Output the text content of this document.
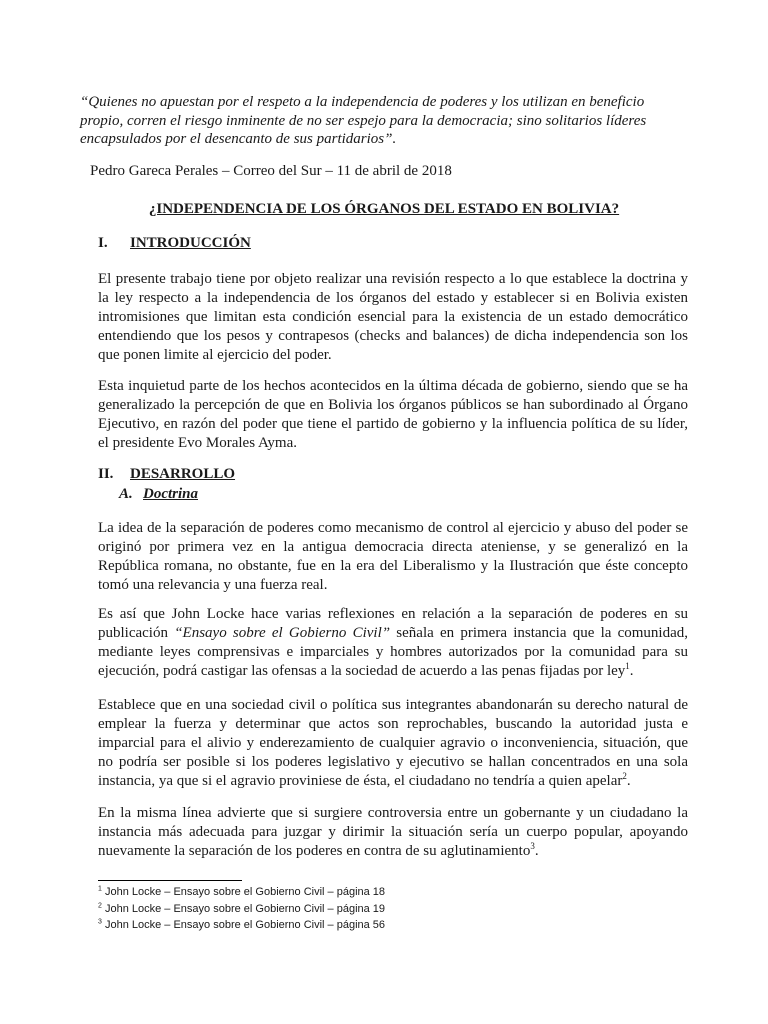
“Quienes no apuestan por el respeto a la independencia de poderes y los utilizan en beneficio propio, corren el riesgo inminente de no ser espejo para la democracia; sino solitarios líderes encapsulados por el desencanto de sus partidarios”.

Pedro Gareca Perales – Correo del Sur – 11 de abril de 2018

¿INDEPENDENCIA DE LOS ÓRGANOS DEL ESTADO EN BOLIVIA?
I. INTRODUCCIÓN

El presente trabajo tiene por objeto realizar una revisión respecto a lo que establece la doctrina y la ley respecto a la independencia de los órganos del estado y establecer si en Bolivia existen intromisiones que limitan esta condición esencial para la existencia de un estado democrático entendiendo que los pesos y contrapesos (checks and balances) de dicha independencia son los que ponen limite al ejercicio del poder.

Esta inquietud parte de los hechos acontecidos en la última década de gobierno, siendo que se ha generalizado la percepción de que en Bolivia los órganos públicos se han subordinado al Órgano Ejecutivo, en razón del poder que tiene el partido de gobierno y la influencia política de su líder, el presidente Evo Morales Ayma.

II. DESARROLLO
A. Doctrina

La idea de la separación de poderes como mecanismo de control al ejercicio y abuso del poder se originó por primera vez en la antigua democracia directa ateniense, y se generalizó en la República romana, no obstante, fue en la era del Liberalismo y la Ilustración que éste concepto tomó una relevancia y una fuerza real.

Es así que John Locke hace varias reflexiones en relación a la separación de poderes en su publicación “Ensayo sobre el Gobierno Civil” señala en primera instancia que la comunidad, mediante leyes comprensivas e imparciales y hombres autorizados por la comunidad para su ejecución, podrá castigar las ofensas a la sociedad de acuerdo a las penas fijadas por ley$^1$.

Establece que en una sociedad civil o política sus integrantes abandonarán su derecho natural de emplear la fuerza y determinar que actos son reprochables, buscando la autoridad justa e imparcial para el alivio y enderezamiento de cualquier agravio o inconveniencia, situación, que no podría ser posible si los poderes legislativo y ejecutivo se hallan concentrados en una sola instancia, ya que si el agravio proviniese de ésta, el ciudadano no tendría a quien apelar$^2$.

En la misma línea advierte que si surgiere controversia entre un gobernante y un ciudadano la instancia más adecuada para juzgar y dirimir la situación sería un cuerpo popular, apoyando nuevamente la separación de los poderes en contra de su aglutinamiento$^3$.

$^1$ John Locke – Ensayo sobre el Gobierno Civil – página 18

$^2$ John Locke – Ensayo sobre el Gobierno Civil – página 19

$^3$ John Locke – Ensayo sobre el Gobierno Civil – página 56
